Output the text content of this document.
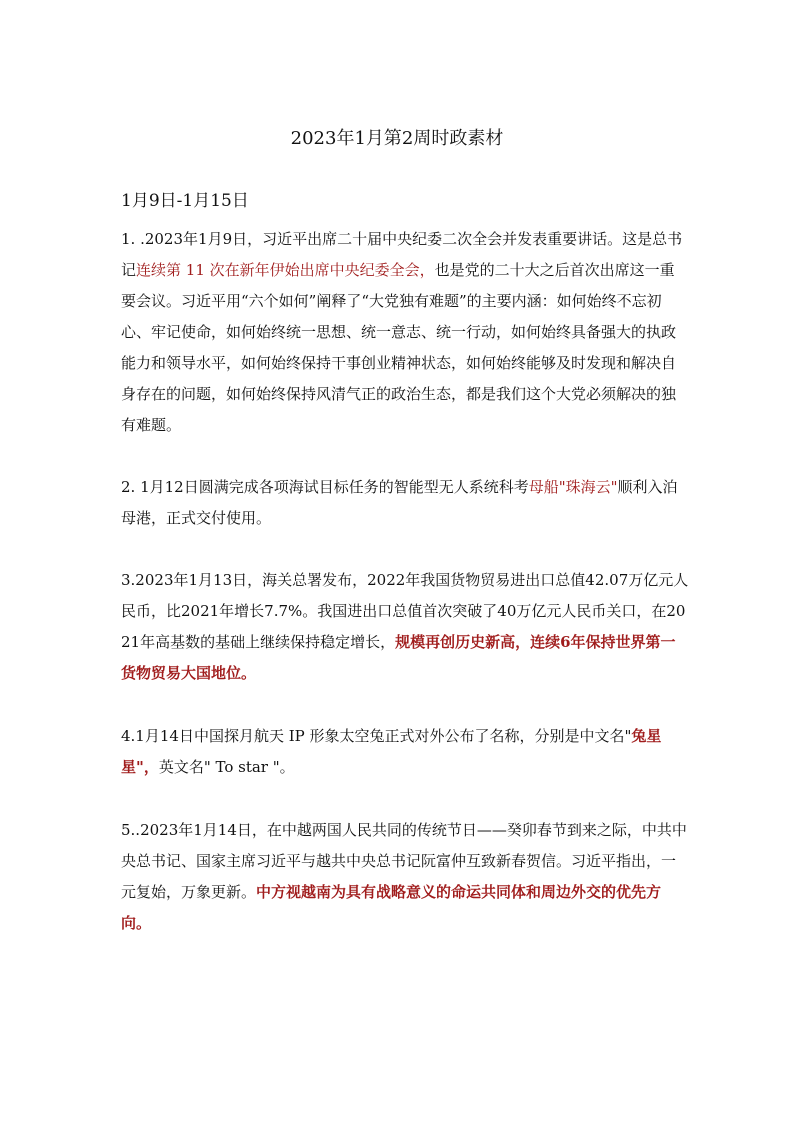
2023年1月第2周时政素材
1月9日-1月15日

1. .2023年1月9日，习近平出席二十届中央纪委二次全会并发表重要讲话。这是总书记连续第 11 次在新年伊始出席中央纪委全会，也是党的二十大之后首次出席这一重要会议。习近平用“六个如何”阐释了“大党独有难题”的主要内涵：如何始终不忘初心、牢记使命，如何始终统一思想、统一意志、统一行动，如何始终具备强大的执政能力和领导水平，如何始终保持干事创业精神状态，如何始终能够及时发现和解决自身存在的问题，如何始终保持风清气正的政治生态，都是我们这个大党必须解决的独有难题。

2. 1月12日圆满完成各项海试目标任务的智能型无人系统科考母船"珠海云"顺利入泊母港，正式交付使用。

3.2023年1月13日，海关总署发布，2022年我国货物贸易进出口总值42.07万亿元人民币，比2021年增长7.7%。我国进出口总值首次突破了40万亿元人民币关口，在2021年高基数的基础上继续保持稳定增长，规模再创历史新高，连续6年保持世界第一货物贸易大国地位。

4.1月14日中国探月航天 IP 形象太空兔正式对外公布了名称，分别是中文名"兔星星"，英文名" To star "。

5..2023年1月14日，在中越两国人民共同的传统节日——癸卯春节到来之际，中共中央总书记、国家主席习近平与越共中央总书记阮富仲互致新春贺信。习近平指出，一元复始，万象更新。中方视越南为具有战略意义的命运共同体和周边外交的优先方向。
